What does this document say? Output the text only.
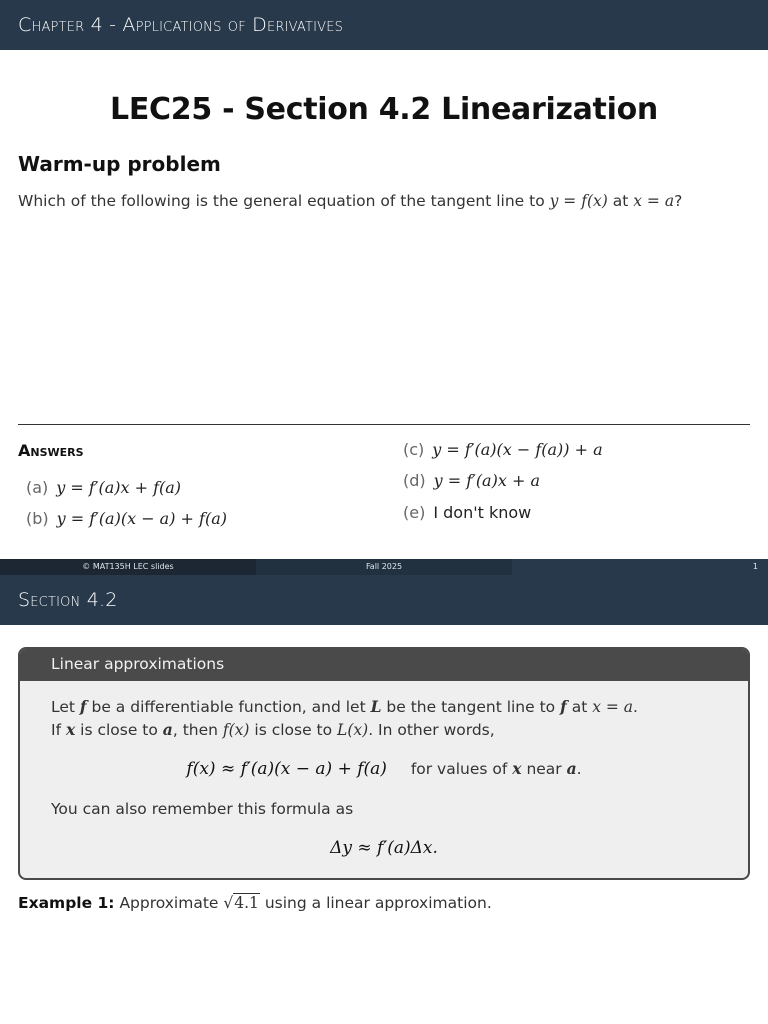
Chapter 4 - Applications of Derivatives
LEC25 - Section 4.2 Linearization
Warm-up problem
Which of the following is the general equation of the tangent line to y = f(x) at x = a?
Answers
(a) y = f′(a)x + f(a)
(b) y = f′(a)(x − a) + f(a)
(c) y = f′(a)(x − f(a)) + a
(d) y = f′(a)x + a
(e) I don't know
© MAT135H LEC slides	Fall 2025	1
Section 4.2
Linear approximations
Let f be a differentiable function, and let L be the tangent line to f at x = a.
If x is close to a, then f(x) is close to L(x). In other words,
f(x) ≈ f′(a)(x − a) + f(a) for values of x near a.
You can also remember this formula as
Δy ≈ f′(a)Δx.
Example 1: Approximate √4.1 using a linear approximation.
